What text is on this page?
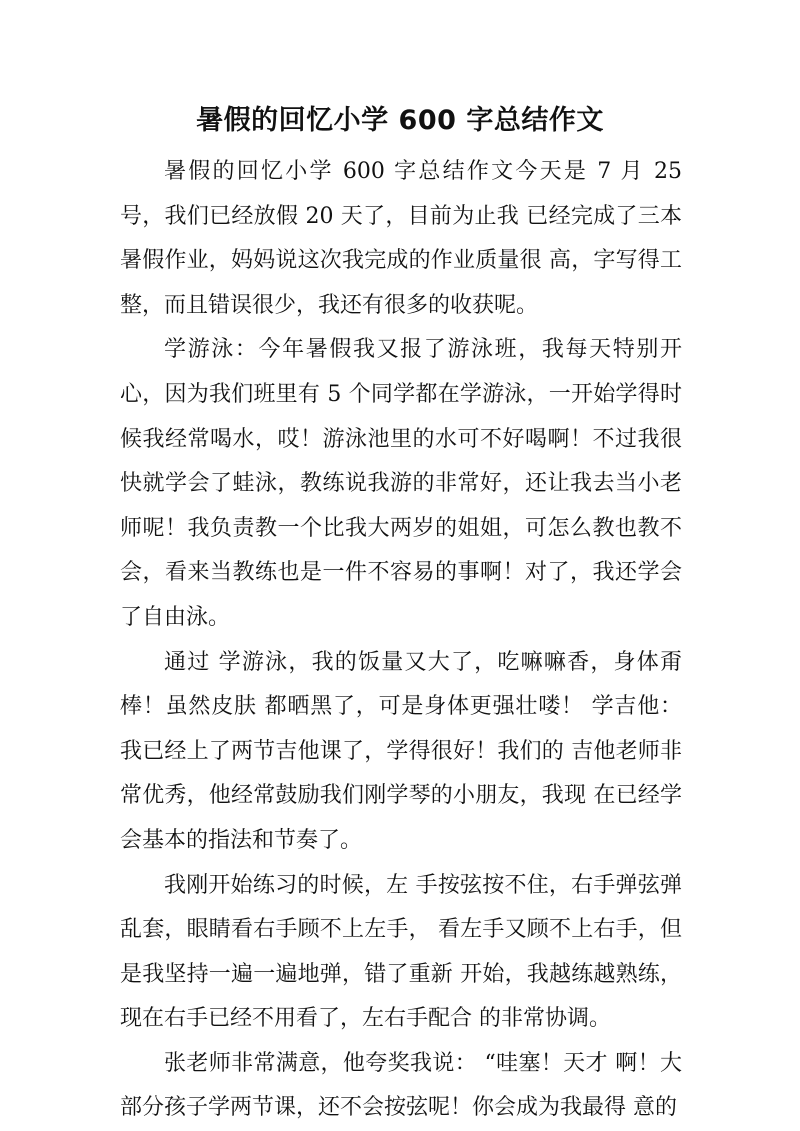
暑假的回忆小学 600 字总结作文

暑假的回忆小学 600 字总结作文今天是 7 月 25 号，我们已经放假 20 天了，目前为止我 已经完成了三本暑假作业，妈妈说这次我完成的作业质量很 高，字写得工整，而且错误很少，我还有很多的收获呢。

学游泳：今年暑假我又报了游泳班，我每天特别开心，因为我们班里有 5 个同学都在学游泳，一开始学得时候我经常喝水，哎！游泳池里的水可不好喝啊！不过我很快就学会了蛙泳，教练说我游的非常好，还让我去当小老师呢！我负责教一个比我大两岁的姐姐，可怎么教也教不会，看来当教练也是一件不容易的事啊！对了，我还学会了自由泳。

通过 学游泳，我的饭量又大了，吃嘛嘛香，身体甭棒！虽然皮肤 都晒黑了，可是身体更强壮喽！ 学吉他：我已经上了两节吉他课了，学得很好！我们的 吉他老师非常优秀，他经常鼓励我们刚学琴的小朋友，我现 在已经学会基本的指法和节奏了。

我刚开始练习的时候，左 手按弦按不住，右手弹弦弹乱套，眼睛看右手顾不上左手， 看左手又顾不上右手，但是我坚持一遍一遍地弹，错了重新 开始，我越练越熟练，现在右手已经不用看了，左右手配合 的非常协调。

张老师非常满意，他夸奖我说： “哇塞！天才 啊！大部分孩子学两节课，还不会按弦呢！你会成为我最得 意的
